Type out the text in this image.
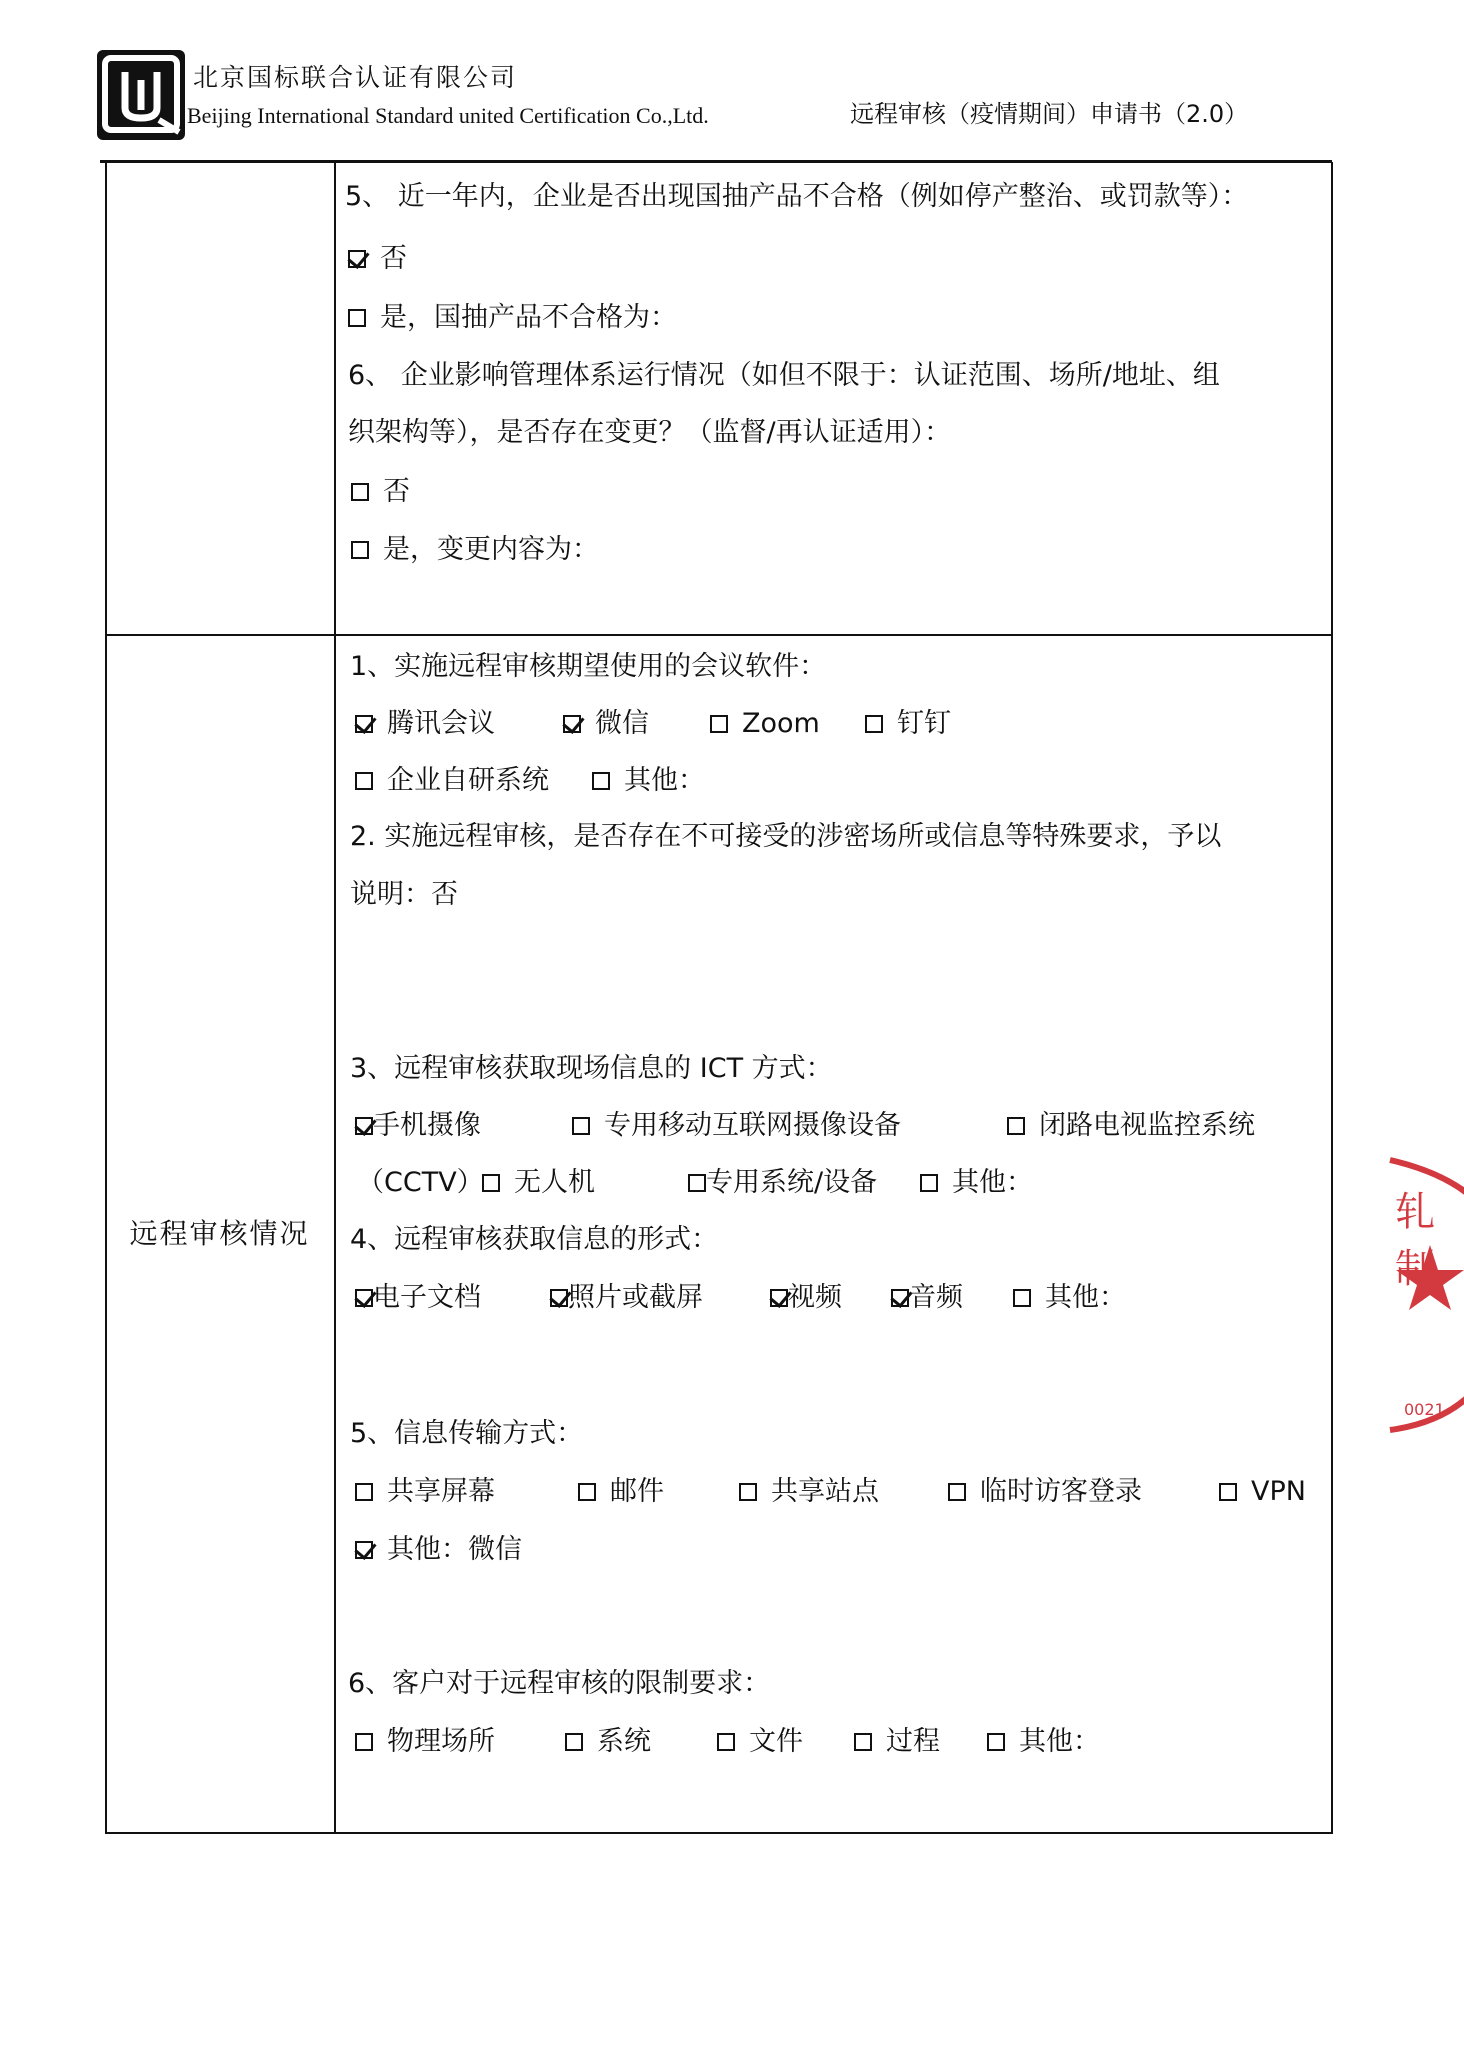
北京国标联合认证有限公司
Beijing International Standard united Certification Co.,Ltd.	远程审核（疫情期间）申请书（2.0）
远程审核情况
5、 近一年内，企业是否出现国抽产品不合格（例如停产整治、或罚款等）：
否
是，国抽产品不合格为：
6、 企业影响管理体系运行情况（如但不限于：认证范围、场所/地址、组
织架构等），是否存在变更？（监督/再认证适用）：
否
是，变更内容为：
1、实施远程审核期望使用的会议软件：
腾讯会议	微信	Zoom	钉钉
企业自研系统	其他：
2. 实施远程审核，是否存在不可接受的涉密场所或信息等特殊要求，予以
说明：否
3、远程审核获取现场信息的 ICT 方式：
手机摄像	专用移动互联网摄像设备	闭路电视监控系统
（CCTV）	无人机	专用系统/设备	其他：
4、远程审核获取信息的形式：
电子文档	照片或截屏	视频	音频	其他：
5、信息传输方式：
共享屏幕	邮件	共享站点	临时访客登录	VPN
其他：微信
6、客户对于远程审核的限制要求：
物理场所	系统	文件	过程	其他：
轧制
0021
